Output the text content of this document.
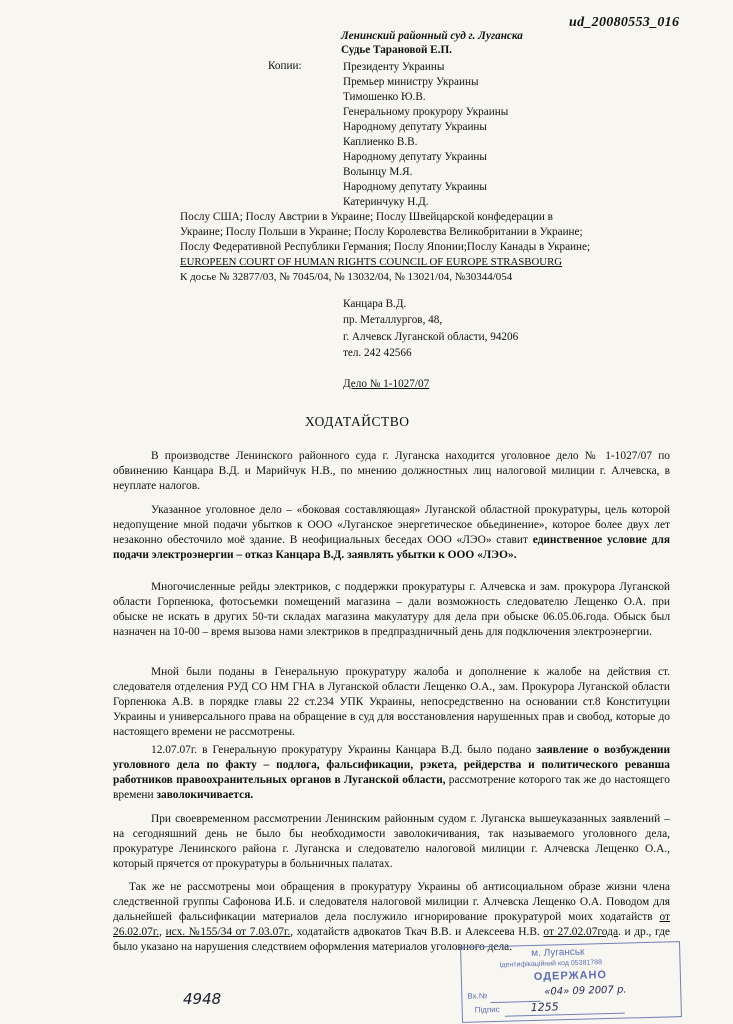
ud_20080553_016
Ленинский районный суд г. Луганска
Судье Тарановой Е.П.
Копии:	Президенту Украины
Премьер министру Украины
Тимошенко Ю.В.
Генеральному прокурору Украины
Народному депутату Украины
Каплиенко В.В.
Народному депутату Украины
Волынцу М.Я.
Народному депутату Украины
Катеринчуку Н.Д.
Послу США; Послу Австрии в Украине; Послу Швейцарской конфедерации в
Украине; Послу Польши в Украине; Послу Королевства Великобритании в Украине;
Послу Федеративной Республики Германия; Послу Японии;Послу Канады в Украине;
EUROPEEN COURT OF HUMAN RIGHTS COUNCIL OF EUROPE STRASBOURG
К досье № 32877/03, № 7045/04, № 13032/04, № 13021/04, №30344/054
Канцара В.Д.
пр. Металлургов, 48,
г. Алчевск Луганской области, 94206
тел. 242 42566
Дело № 1-1027/07
ХОДАТАЙСТВО

В производстве Ленинского районного суда г. Луганска находится уголовное дело № 1-1027/07 по обвинению Канцара В.Д. и Марийчук Н.В., по мнению должностных лиц налоговой милиции г. Алчевска, в неуплате налогов.

Указанное уголовное дело – «боковая составляющая» Луганской областной прокуратуры, цель которой недопущение мной подачи убытков к ООО «Луганское энергетическое обьединение», которое более двух лет незаконно обесточило моё здание. В неофициальных беседах ООО «ЛЭО» ставит единственное условие для подачи электроэнергии – отказ Канцара В.Д. заявлять убытки к ООО «ЛЭО».

Многочисленные рейды электриков, с поддержки прокуратуры г. Алчевска и зам. прокурора Луганской области Горпенюка, фотосъемки помещений магазина – дали возможность следователю Лещенко О.А. при обыске не искать в других 50-ти складах магазина макулатуру для дела при обыске 06.05.06.года. Обыск был назначен на 10-00 – время вызова нами электриков в предпраздничный день для подключения электроэнергии.

Мной были поданы в Генеральную прокуратуру жалоба и дополнение к жалобе на действия ст. следователя отделения РУД СО НМ ГНА в Луганской области Лещенко О.А., зам. Прокурора Луганской области Горпенюка А.В. в порядке главы 22 ст.234 УПК Украины, непосредственно на основании ст.8 Конституции Украины и универсального права на обращение в суд для восстановления нарушенных прав и свобод, которые до настоящего времени не рассмотрены.

12.07.07г. в Генеральную прокуратуру Украины Канцара В.Д. было подано заявление о возбуждении уголовного дела по факту – подлога, фальсификации, рэкета, рейдерства и политического реванша работников правоохранительных органов в Луганской области, рассмотрение которого так же до настоящего времени заволокичивается.

При своевременном рассмотрении Ленинским районным судом г. Луганска вышеуказанных заявлений – на сегодняшний день не было бы необходимости заволокичивания, так называемого уголовного дела, прокуратуре Ленинского района г. Луганска и следователю налоговой милиции г. Алчевска Лещенко О.А., который прячется от прокуратуры в больничных палатах.

Так же не рассмотрены мои обращения в прокуратуру Украины об антисоциальном образе жизни члена следственной группы Сафонова И.Б. и следователя налоговой милиции г. Алчевска Лещенко О.А. Поводом для дальнейшей фальсификации материалов дела послужило игнорирование прокуратурой моих ходатайств от 26.02.07г., исх. №155/34 от 7.03.07г., ходатайств адвокатов Ткач В.В. и Алексеева Н.В. от 27.02.07года. и др., где было указано на нарушения следствием оформления материалов уголовного дела.

м. Луганськ
Ідентифікаційний код 05381788
ОДЕРЖАНО
Вх.№	«04» 09 2007 р.
Підпис	1255
4948
